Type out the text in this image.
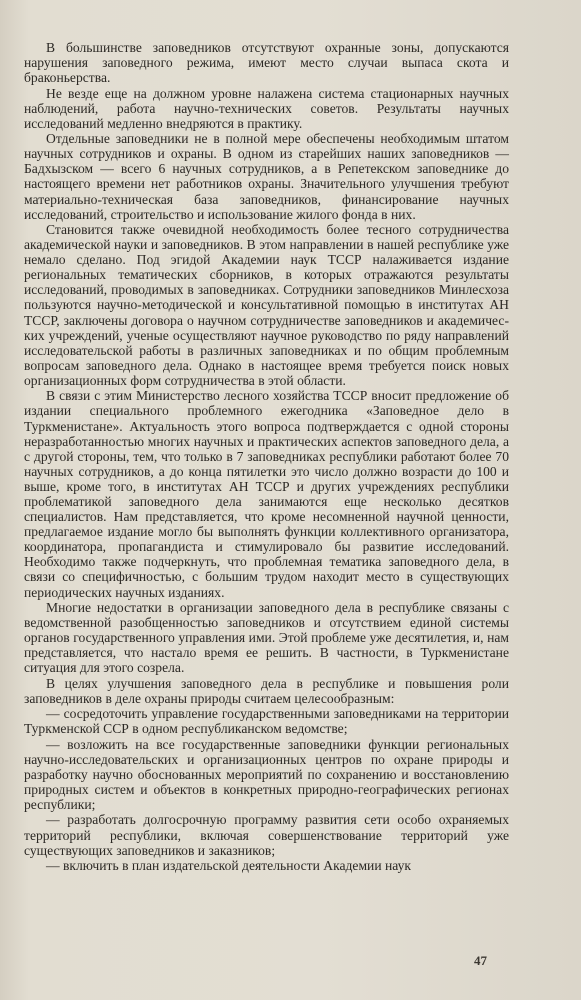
В большинстве заповедников отсутствуют охранные зоны, допускаются нарушения заповедного режима, имеют место случаи выпаса скота и браконьерства.

Не везде еще на должном уровне налажена система стационарных научных наблюдений, работа научно-технических советов. Результаты научных исследований медленно внедряются в практику.

Отдельные заповедники не в полной мере обеспечены необходимым штатом научных сотрудников и охраны. В одном из старейших наших заповедников — Бадхызском — всего 6 научных сотрудников, а в Репетекском заповеднике до настоящего времени нет работников охраны. Значительного улучшения требуют материально-техническая база заповедников, финансирование научных исследований, строительство и использование жилого фонда в них.

Становится также очевидной необходимость более тесного сотрудничества академической науки и заповедников. В этом направлении в нашей республике уже немало сделано. Под эгидой Академии наук ТССР налаживается издание региональных тематических сборников, в которых отражаются результаты исследований, проводимых в заповедниках. Сотрудники заповедников Минлесхоза пользуются научно-методической и консультативной помощью в институтах АН ТССР, заключены договора о научном сотрудничестве заповедников и академических учреждений, ученые осуществляют научное руководство по ряду направлений исследовательской работы в различных заповедниках и по общим проблемным вопросам заповедного дела. Однако в настоящее время требуется поиск новых организационных форм сотрудничества в этой области.

В связи с этим Министерство лесного хозяйства ТССР вносит предложение об издании специального проблемного ежегодника «Заповедное дело в Туркменистане». Актуальность этого вопроса подтверждается с одной стороны неразработанностью многих научных и практических аспектов заповедного дела, а с другой стороны, тем, что только в 7 заповедниках республики работают более 70 научных сотрудников, а до конца пятилетки это число должно возрасти до 100 и выше, кроме того, в институтах АН ТССР и других учреждениях республики проблематикой заповедного дела занимаются еще несколько десятков специалистов. Нам представляется, что кроме несомненной научной ценности, предлагаемое издание могло бы выполнять функции коллективного организатора, координатора, пропагандиста и стимулировало бы развитие исследований. Необходимо также подчеркнуть, что проблемная тематика заповедного дела, в связи со специфичностью, с большим трудом находит место в существующих периодических научных изданиях.

Многие недостатки в организации заповедного дела в республике связаны с ведомственной разобщенностью заповедников и отсутствием единой системы органов государственного управления ими. Этой проблеме уже десятилетия, и, нам представляется, что настало время ее решить. В частности, в Туркменистане ситуация для этого созрела.

В целях улучшения заповедного дела в республике и повышения роли заповедников в деле охраны природы считаем целесообразным:

— сосредоточить управление государственными заповедниками на территории Туркменской ССР в одном республиканском ведомстве;

— возложить на все государственные заповедники функции региональных научно-исследовательских и организационных центров по охране природы и разработку научно обоснованных мероприятий по сохранению и восстановлению природных систем и объектов в конкретных природно-географических регионах республики;

— разработать долгосрочную программу развития сети особо охраняемых территорий республики, включая совершенствование территорий уже существующих заповедников и заказников;

— включить в план издательской деятельности Академии наук

47
